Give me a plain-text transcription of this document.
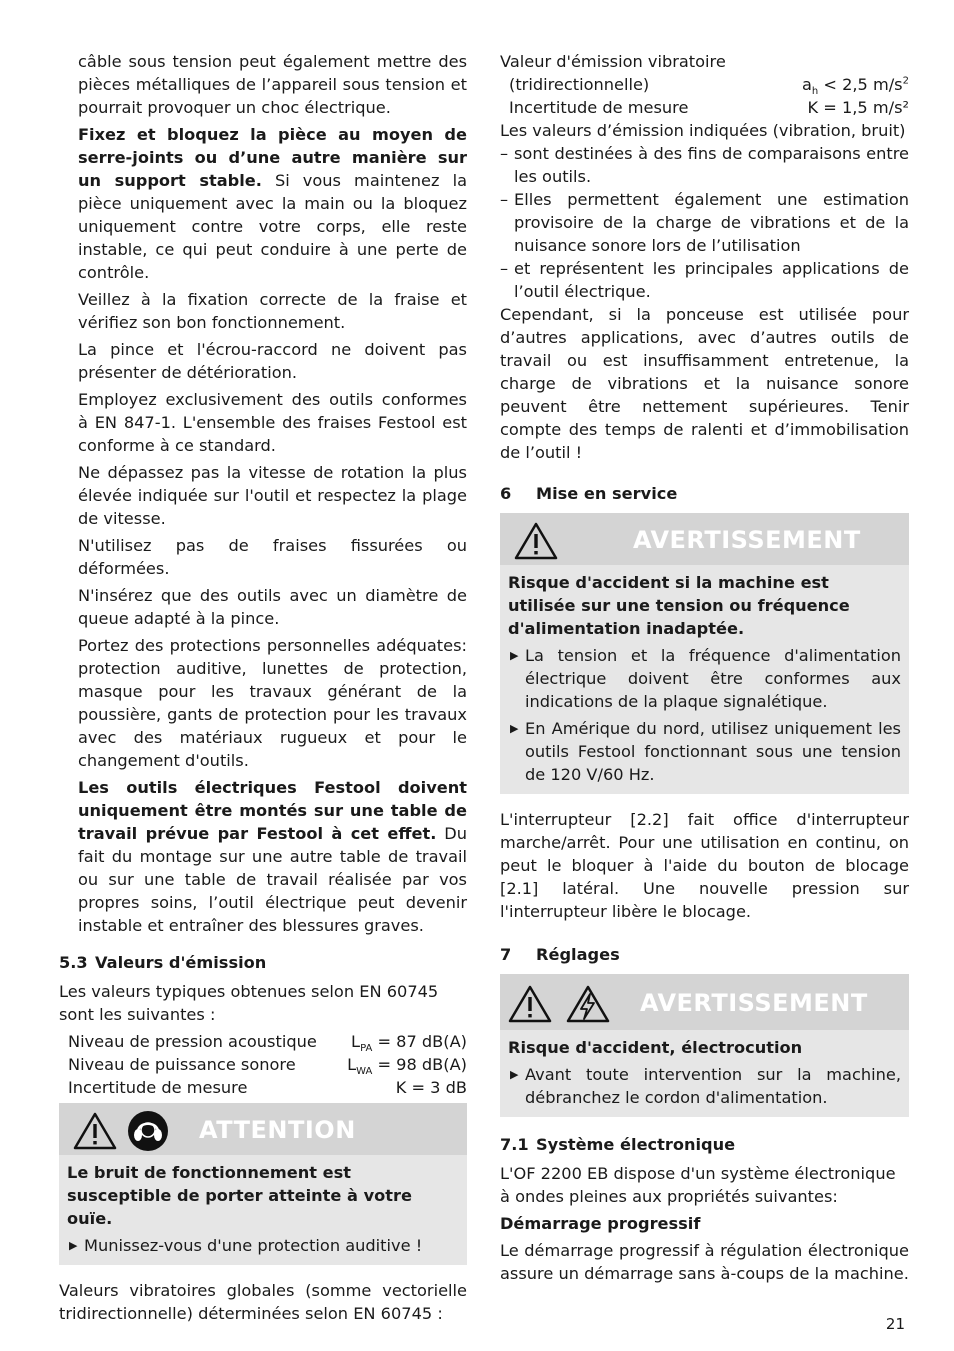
câble sous tension peut également mettre des pièces métalliques de l’appareil sous tension et pourrait provoquer un choc électrique.

Fixez et bloquez la pièce au moyen de serre-joints ou d’une autre manière sur un support stable. Si vous maintenez la pièce uniquement avec la main ou la bloquez uniquement contre votre corps, elle reste instable, ce qui peut conduire à une perte de contrôle.

Veillez à la fixation correcte de la fraise et vérifiez son bon fonctionnement.

La pince et l'écrou-raccord ne doivent pas présenter de détérioration.

Employez exclusivement des outils conformes à EN 847-1. L'ensemble des fraises Festool est conforme à ce standard.

Ne dépassez pas la vitesse de rotation la plus élevée indiquée sur l'outil et respectez la plage de vitesse.

N'utilisez pas de fraises fissurées ou déformées.

N'insérez que des outils avec un diamètre de queue adapté à la pince.

Portez des protections personnelles adéquates: protection auditive, lunettes de protection, masque pour les travaux générant de la poussière, gants de protection pour les travaux avec des matériaux rugueux et pour le changement d'outils.

Les outils électriques Festool doivent uniquement être montés sur une table de travail prévue par Festool à cet effet. Du fait du montage sur une autre table de travail ou sur une table de travail réalisée par vos propres soins, l’outil électrique peut devenir instable et entraîner des blessures graves.

5.3 Valeurs d'émission

Les valeurs typiques obtenues selon EN 60745 sont les suivantes :

Niveau de pression acoustique	$L_{PA} = 87$ dB(A)
Niveau de puissance sonore	$L_{WA} = 98$ dB(A)
Incertitude de mesure	K = 3 dB
ATTENTION

Le bruit de fonctionnement est susceptible de porter atteinte à votre ouïe.

▶ Munissez-vous d'une protection auditive !

Valeurs vibratoires globales (somme vectorielle tridirectionnelle) déterminées selon EN 60745 :

Valeur d'émission vibratoire

(tridirectionnelle)	$a_h < 2,5$ $m/s^2$
Incertitude de mesure	K = 1,5 m/s²

Les valeurs d’émission indiquées (vibration, bruit)

– sont destinées à des fins de comparaisons entre les outils.

– Elles permettent également une estimation provisoire de la charge de vibrations et de la nuisance sonore lors de l’utilisation

– et représentent les principales applications de l’outil électrique.

Cependant, si la ponceuse est utilisée pour d’autres applications, avec d’autres outils de travail ou est insuffisamment entretenue, la charge de vibrations et la nuisance sonore peuvent être nettement supérieures. Tenir compte des temps de ralenti et d’immobilisation de l’outil !

6 Mise en service
AVERTISSEMENT

Risque d'accident si la machine est utilisée sur une tension ou fréquence d'alimentation inadaptée.

▶ La tension et la fréquence d'alimentation électrique doivent être conformes aux indications de la plaque signalétique.
▶ En Amérique du nord, utilisez uniquement les outils Festool fonctionnant sous une tension de 120 V/60 Hz.

L'interrupteur [2.2] fait office d'interrupteur marche/arrêt. Pour une utilisation en continu, on peut le bloquer à l'aide du bouton de blocage [2.1] latéral. Une nouvelle pression sur l'interrupteur libère le blocage.

7 Réglages
AVERTISSEMENT

Risque d'accident, électrocution

▶ Avant toute intervention sur la machine, débranchez le cordon d'alimentation.
7.1 Système électronique

L'OF 2200 EB dispose d'un système électronique à ondes pleines aux propriétés suivantes:

Démarrage progressif

Le démarrage progressif à régulation électronique assure un démarrage sans à-coups de la machine.

21
